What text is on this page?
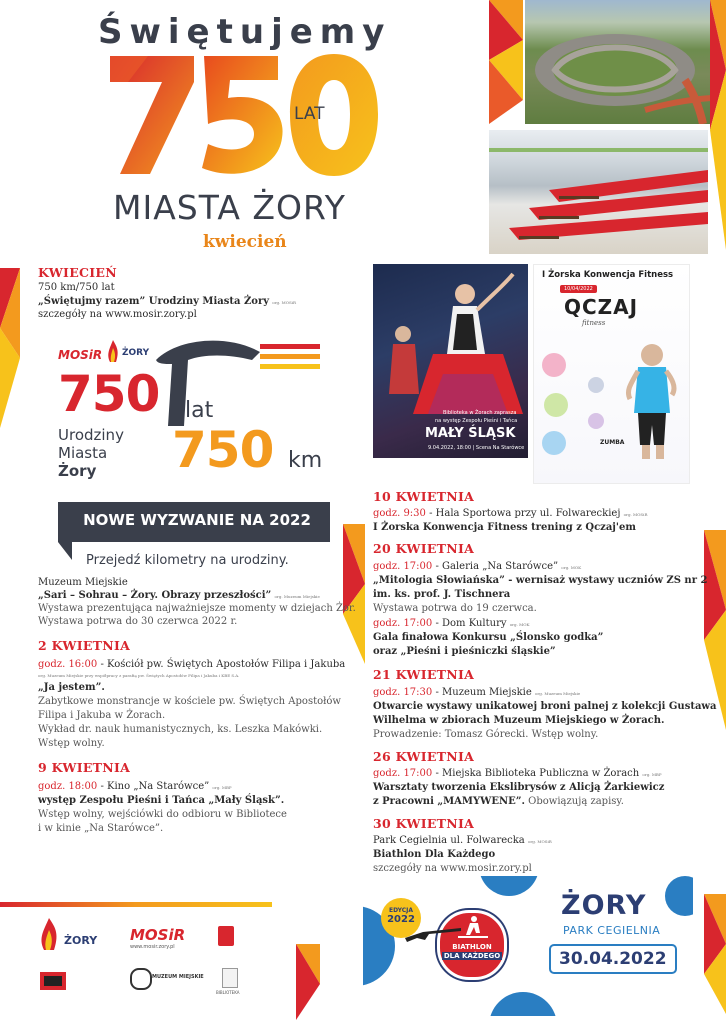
Świętujemy
LAT
MIASTA ŻORY
kwiecień
KWIECIEŃ
750 km/750 lat
„Świętujmy razem” Urodziny Miasta Żory org. MOSiR
szczegóły na www.mosir.zory.pl
MOSiR ŻORY
750 lat
Urodziny
Miasta
Żory 750 km
NOWE WYZWANIE NA 2022
Przejedź kilometry na urodziny.
Muzeum Miejskie
„Sari – Sohrau – Żory. Obrazy przeszłości” org. Muzeum Miejskie
Wystawa prezentująca najważniejsze momenty w dziejach Żor.
Wystawa potrwa do 30 czerwca 2022 r.
2 KWIETNIA
godz. 16:00 - Kościół pw. Świętych Apostołów Filipa i Jakuba
org. Muzeum Miejskie przy współpracy z parafią pw. Świętych Apostołów Filipa i Jakuba i KBE S.A.
„Ja jestem”.
Zabytkowe monstrancje w kościele pw. Świętych Apostołów
Filipa i Jakuba w Żorach.
Wykład dr. nauk humanistycznych, ks. Leszka Makówki.
Wstęp wolny.
9 KWIETNIA
godz. 18:00 - Kino „Na Starówce” org. MBP
występ Zespołu Pieśni i Tańca „Mały Śląsk”.
Wstęp wolny, wejściówki do odbioru w Bibliotece
i w kinie „Na Starówce”.
Biblioteka w Żorach zaprasza
na występ Zespołu Pieśni i Tańca
MAŁY ŚLĄSK
9.04.2022, 18:00 | Scena Na Starówce
I Żorska Konwencja Fitness
10/04/2022
QCZAJ
fitness
ZUMBA
10 KWIETNIA
godz. 9:30 - Hala Sportowa przy ul. Folwareckiej org. MOSiR
I Żorska Konwencja Fitness trening z Qczaj'em
20 KWIETNIA
godz. 17:00 - Galeria „Na Starówce” org. MOK
„Mitologia Słowiańska” - wernisaż wystawy uczniów ZS nr 2
im. ks. prof. J. Tischnera
Wystawa potrwa do 19 czerwca.
godz. 17:00 - Dom Kultury org. MOK
Gala finałowa Konkursu „Ślonsko godka”
oraz „Pieśni i pieśniczki śląskie”
21 KWIETNIA
godz. 17:30 - Muzeum Miejskie org. Muzeum Miejskie
Otwarcie wystawy unikatowej broni palnej z kolekcji Gustawa
Wilhelma w zbiorach Muzeum Miejskiego w Żorach.
Prowadzenie: Tomasz Górecki. Wstęp wolny.
26 KWIETNIA
godz. 17:00 - Miejska Biblioteka Publiczna w Żorach org. MBP
Warsztaty tworzenia Ekslibrysów z Alicją Żarkiewicz
z Pracowni „MAMYWENE”. Obowiązują zapisy.
30 KWIETNIA
Park Cegielnia ul. Folwarecka org. MOSiR
Biathlon Dla Każdego
szczegóły na www.mosir.zory.pl
EDYCJA
2022
MOSiR
BIATHLON
DLA KAŻDEGO
ŻORY
PARK CEGIELNIA
30.04.2022
ŻORY MOSiR
www.mosir.zory.pl
MUZEUM MIEJSKIE
BIBLIOTEKA
